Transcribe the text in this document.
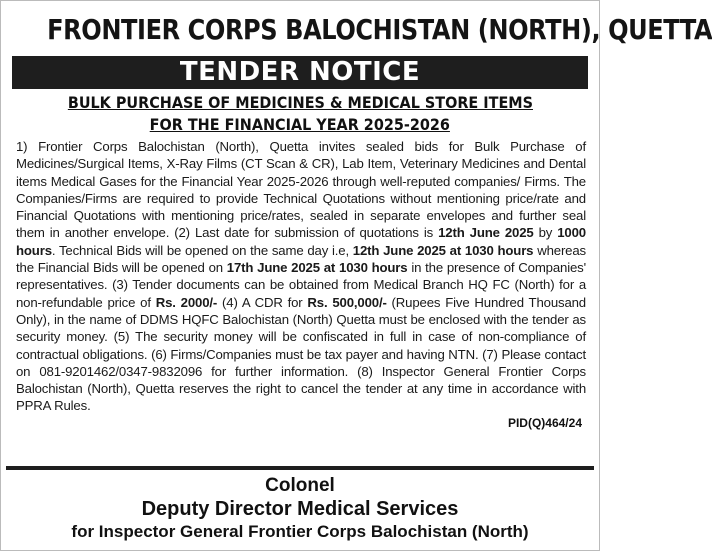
FRONTIER CORPS BALOCHISTAN (NORTH), QUETTA
TENDER NOTICE
BULK PURCHASE OF MEDICINES & MEDICAL STORE ITEMS
FOR THE FINANCIAL YEAR 2025-2026
1) Frontier Corps Balochistan (North), Quetta invites sealed bids for Bulk Purchase of Medicines/Surgical Items, X-Ray Films (CT Scan & CR), Lab Item, Veterinary Medicines and Dental items Medical Gases for the Financial Year 2025-2026 through well-reputed companies/ Firms. The Companies/Firms are required to provide Technical Quotations without mentioning price/rate and Financial Quotations with mentioning price/rates, sealed in separate envelopes and further seal them in another envelope. (2) Last date for submission of quotations is 12th June 2025 by 1000 hours. Technical Bids will be opened on the same day i.e, 12th June 2025 at 1030 hours whereas the Financial Bids will be opened on 17th June 2025 at 1030 hours in the presence of Companies' representatives. (3) Tender documents can be obtained from Medical Branch HQ FC (North) for a non-refundable price of Rs. 2000/- (4) A CDR for Rs. 500,000/- (Rupees Five Hundred Thousand Only), in the name of DDMS HQFC Balochistan (North) Quetta must be enclosed with the tender as security money. (5) The security money will be confiscated in full in case of non-compliance of contractual obligations. (6) Firms/Companies must be tax payer and having NTN. (7) Please contact on 081-9201462/0347-9832096 for further information. (8) Inspector General Frontier Corps Balochistan (North), Quetta reserves the right to cancel the tender at any time in accordance with PPRA Rules.
PID(Q)464/24
Colonel
Deputy Director Medical Services
for Inspector General Frontier Corps Balochistan (North)
